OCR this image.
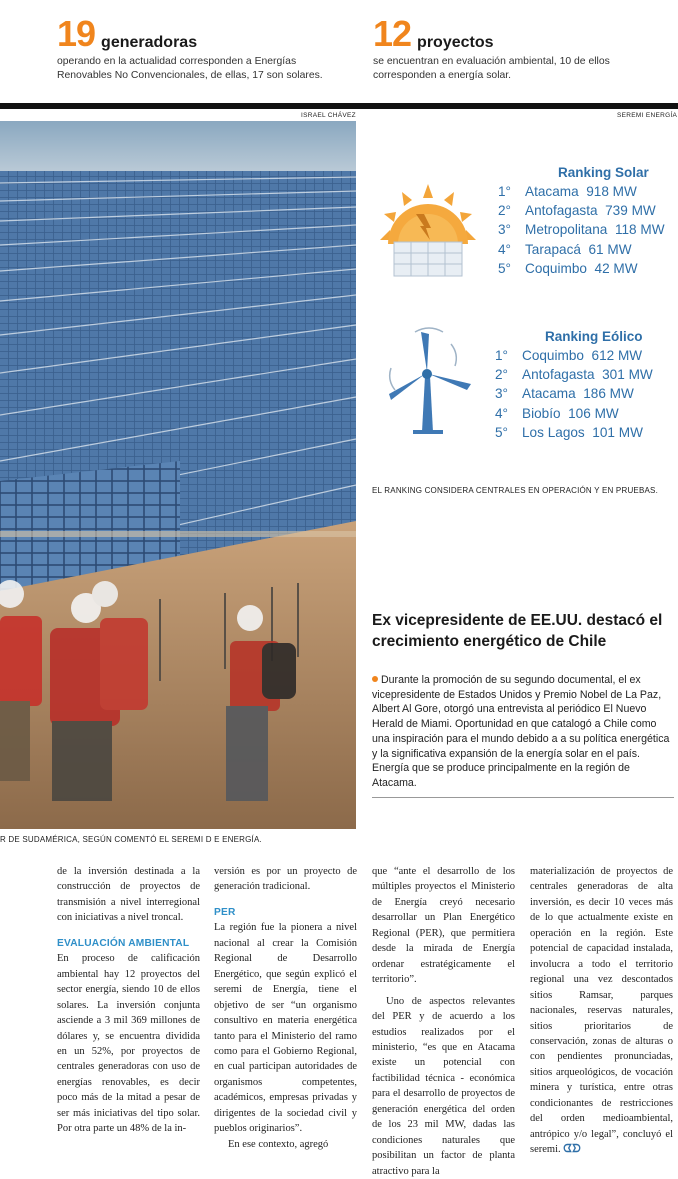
19 generadoras
operando en la actualidad corresponden a Energías Renovables No Convencionales, de ellas, 17 son solares.
12 proyectos
se encuentran en evaluación ambiental, 10 de ellos corresponden a energía solar.
ISRAEL CHÁVEZ	SEREMI ENERGÍA
R DE SUDAMÉRICA, SEGÚN COMENTÓ EL SEREMI D E ENERGÍA.
Ranking Solar
1° Atacama 918 MW
2° Antofagasta 739 MW
3° Metropolitana 118 MW
4° Tarapacá 61 MW
5° Coquimbo 42 MW
Ranking Eólico
1° Coquimbo 612 MW
2° Antofagasta 301 MW
3° Atacama 186 MW
4° Biobío 106 MW
5° Los Lagos 101 MW
EL RANKING CONSIDERA CENTRALES EN OPERACIÓN Y EN PRUEBAS.
Ex vicepresidente de EE.UU. destacó el crecimiento energético de Chile
Durante la promoción de su segundo documental, el ex vicepresidente de Estados Unidos y Premio Nobel de La Paz, Albert Al Gore, otorgó una entrevista al periódico El Nuevo Herald de Miami. Oportunidad en que catalogó a Chile como una inspiración para el mundo debido a a su política energética y la significativa expansión de la energía solar en el país. Energía que se produce principalmente en la región de Atacama.

de la inversión destinada a la construcción de proyectos de transmisión a nivel interregional con iniciativas a nivel troncal.

EVALUACIÓN AMBIENTAL

En proceso de calificación ambiental hay 12 proyectos del sector energía, siendo 10 de ellos solares. La inversión conjunta asciende a 3 mil 369 millones de dólares y, se encuentra dividida en un 52%, por proyectos de centrales generadoras con uso de energías renovables, es decir poco más de la mitad a pesar de ser más iniciativas del tipo solar. Por otra parte un 48% de la in-

versión es por un proyecto de generación tradicional.

PER

La región fue la pionera a nivel nacional al crear la Comisión Regional de Desarrollo Energético, que según explicó el seremi de Energía, tiene el objetivo de ser “un organismo consultivo en materia energética tanto para el Ministerio del ramo como para el Gobierno Regional, en cual participan autoridades de organismos competentes, académicos, empresas privadas y dirigentes de la sociedad civil y pueblos originarios”.

En ese contexto, agregó

que “ante el desarrollo de los múltiples proyectos el Ministerio de Energía creyó necesario desarrollar un Plan Energético Regional (PER), que permitiera desde la mirada de Energía ordenar estratégicamente el territorio”.

Uno de aspectos relevantes del PER y de acuerdo a los estudios realizados por el ministerio, “es que en Atacama existe un potencial con factibilidad técnica - económica para el desarrollo de proyectos de generación energética del orden de los 23 mil MW, dadas las condiciones naturales que posibilitan un factor de planta atractivo para la

materialización de proyectos de centrales generadoras de alta inversión, es decir 10 veces más de lo que actualmente existe en operación en la región. Este potencial de capacidad instalada, involucra a todo el territorio regional una vez descontados sitios Ramsar, parques nacionales, reservas naturales, sitios prioritarios de conservación, zonas de alturas o con pendientes pronunciadas, sitios arqueológicos, de vocación minera y turística, entre otras condicionantes de restricciones del orden medioambiental, antrópico y/o legal”, concluyó el seremi. ᗧᗤ
